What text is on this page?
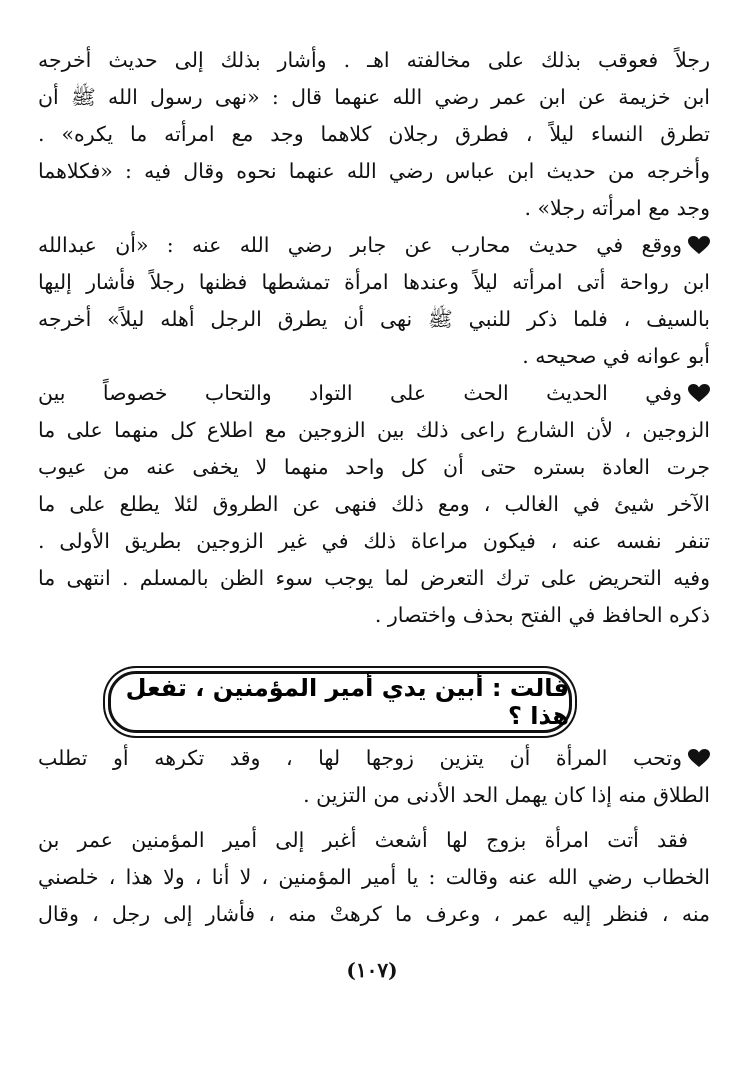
رجلاً فعوقب بذلك على مخالفته اهـ . وأشار بذلك إلى حديث أخرجه
ابن خزيمة عن ابن عمر رضي الله عنهما قال : «نهى رسول الله ﷺ أن
تطرق النساء ليلاً ، فطرق رجلان كلاهما وجد مع امرأته ما يكره» .
وأخرجه من حديث ابن عباس رضي الله عنهما نحوه وقال فيه : «فكلاهما
وجد مع امرأته رجلا» .
ووقع في حديث محارب عن جابر رضي الله عنه : «أن عبدالله
ابن رواحة أتى امرأته ليلاً وعندها امرأة تمشطها فظنها رجلاً فأشار إليها
بالسيف ، فلما ذكر للنبي ﷺ نهى أن يطرق الرجل أهله ليلاً» أخرجه
أبو عوانه في صحيحه .
وفي الحديث الحث على التواد والتحاب خصوصاً بين
الزوجين ، لأن الشارع راعى ذلك بين الزوجين مع اطلاع كل منهما على ما
جرت العادة بستره حتى أن كل واحد منهما لا يخفى عنه من عيوب
الآخر شيئ في الغالب ، ومع ذلك فنهى عن الطروق لئلا يطلع على ما
تنفر نفسه عنه ، فيكون مراعاة ذلك في غير الزوجين بطريق الأولى .
وفيه التحريض على ترك التعرض لما يوجب سوء الظن بالمسلم . انتهى ما
ذكره الحافظ في الفتح بحذف واختصار .
قالت : أبين يدي أمير المؤمنين ، تفعل هذا ؟
وتحب المرأة أن يتزين زوجها لها ، وقد تكرهه أو تطلب
الطلاق منه إذا كان يهمل الحد الأدنى من التزين .
فقد أتت امرأة بزوج لها أشعث أغبر إلى أمير المؤمنين عمر بن
الخطاب رضي الله عنه وقالت : يا أمير المؤمنين ، لا أنا ، ولا هذا ، خلصني
منه ، فنظر إليه عمر ، وعرف ما كرهتْ منه ، فأشار إلى رجل ، وقال
(١٠٧)
